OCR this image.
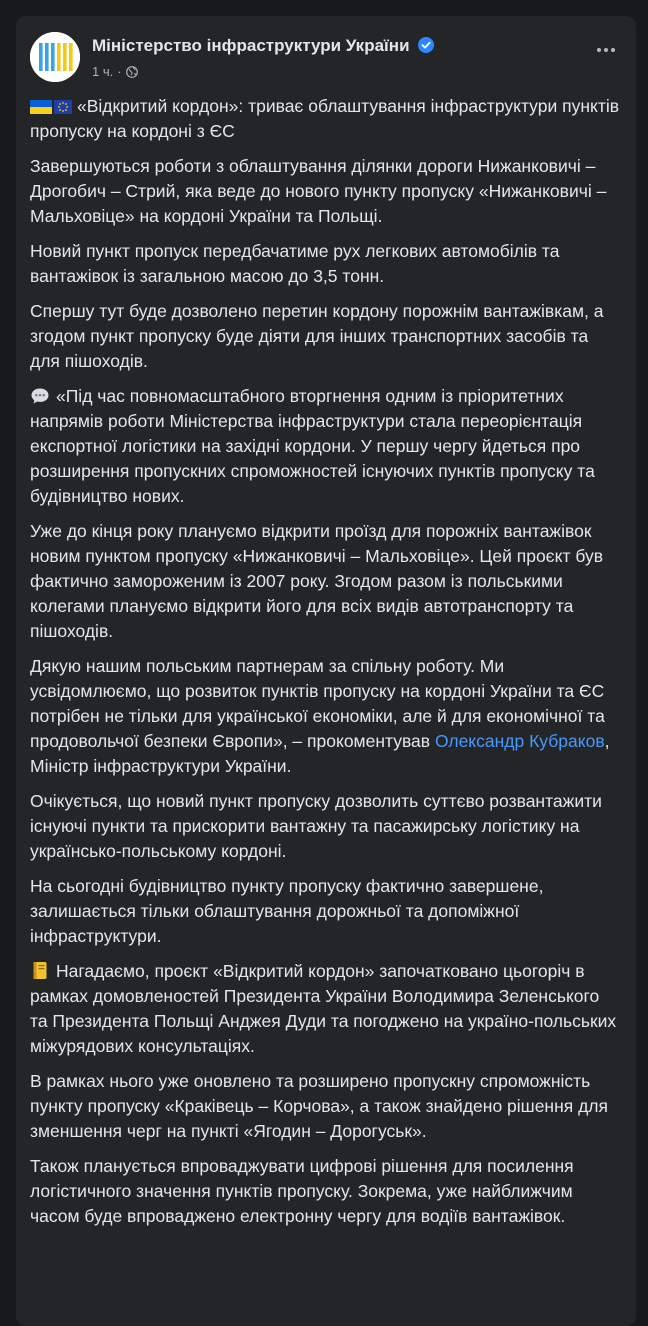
Міністерство інфраструктури України
1 ч. ·

«Відкритий кордон»: триває облаштування інфраструктури пунктів пропуску на кордоні з ЄС

Завершуються роботи з облаштування ділянки дороги Нижанковичі – Дрогобич – Стрий, яка веде до нового пункту пропуску «Нижанковичі – Мальховіце» на кордоні України та Польщі.

Новий пункт пропуск передбачатиме рух легкових автомобілів та вантажівок із загальною масою до 3,5 тонн.

Спершу тут буде дозволено перетин кордону порожнім вантажівкам, а згодом пункт пропуску буде діяти для інших транспортних засобів та для пішоходів.

«Під час повномасштабного вторгнення одним із пріоритетних напрямів роботи Міністерства інфраструктури стала переорієнтація експортної логістики на західні кордони. У першу чергу йдеться про розширення пропускних спроможностей існуючих пунктів пропуску та будівництво нових.

Уже до кінця року плануємо відкрити проїзд для порожніх вантажівок новим пунктом пропуску «Нижанковичі – Мальховіце». Цей проєкт був фактично замороженим із 2007 року. Згодом разом із польськими колегами плануємо відкрити його для всіх видів автотранспорту та пішоходів.

Дякую нашим польським партнерам за спільну роботу. Ми усвідомлюємо, що розвиток пунктів пропуску на кордоні України та ЄС потрібен не тільки для української економіки, але й для економічної та продовольчої безпеки Європи», – прокоментував Олександр Кубраков, Міністр інфраструктури України.

Очікується, що новий пункт пропуску дозволить суттєво розвантажити існуючі пункти та прискорити вантажну та пасажирську логістику на українсько-польському кордоні.

На сьогодні будівництво пункту пропуску фактично завершене, залишається тільки облаштування дорожньої та допоміжної інфраструктури.

Нагадаємо, проєкт «Відкритий кордон» започатковано цьогоріч в рамках домовленостей Президента України Володимира Зеленського та Президента Польщі Анджея Дуди та погоджено на україно-польських міжурядових консультаціях.

В рамках нього уже оновлено та розширено пропускну спроможність пункту пропуску «Краківець – Корчова», а також знайдено рішення для зменшення черг на пункті «Ягодин – Дорогуськ».

Також планується впроваджувати цифрові рішення для посилення логістичного значення пунктів пропуску. Зокрема, уже найближчим часом буде впроваджено електронну чергу для водіїв вантажівок.
